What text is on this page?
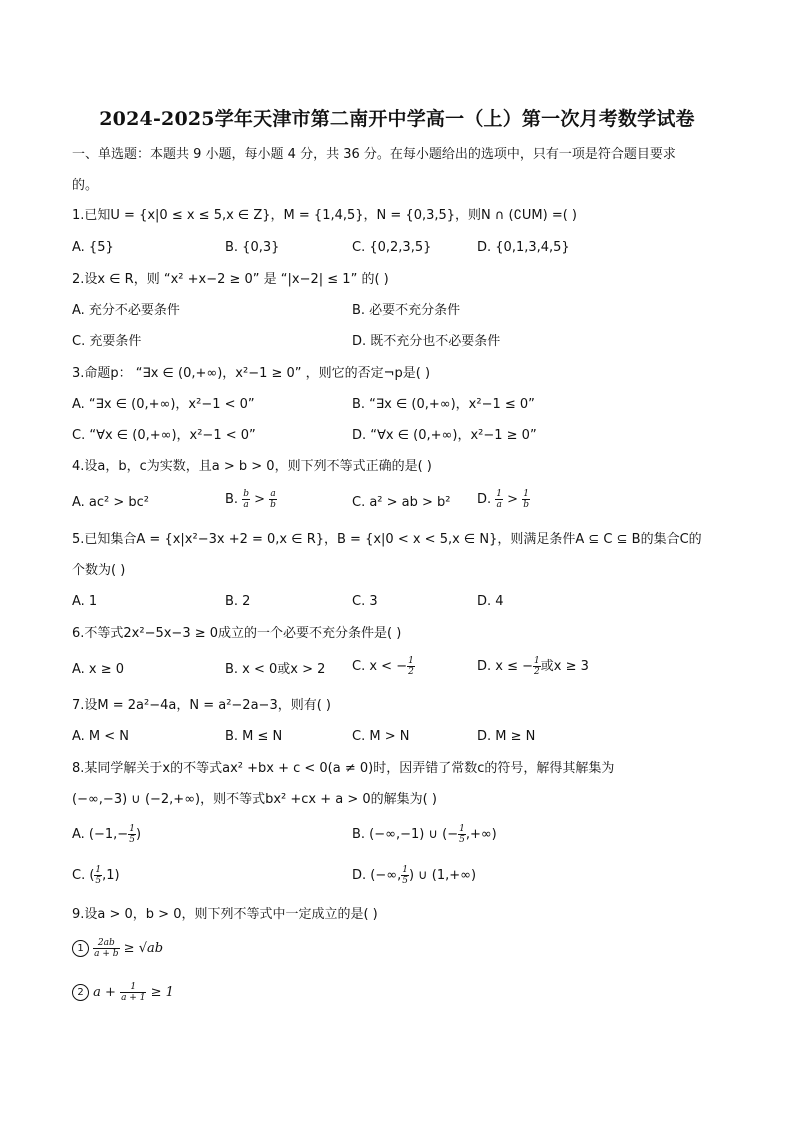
2024-2025学年天津市第二南开中学高一（上）第一次月考数学试卷
一、单选题：本题共 9 小题，每小题 4 分，共 36 分。在每小题给出的选项中，只有一项是符合题目要求
的。
1.已知U = {x|0 ≤ x ≤ 5,x ∈ Z}，M = {1,4,5}，N = {0,3,5}，则N ∩ (∁UM) =( )
A. {5}	B. {0,3}	C. {0,2,3,5}	D. {0,1,3,4,5}
2.设x ∈ R，则 “x² +x−2 ≥ 0” 是 “|x−2| ≤ 1” 的( )
A. 充分不必要条件	B. 必要不充分条件
C. 充要条件	D. 既不充分也不必要条件
3.命题p： “∃x ∈ (0,+∞)，x²−1 ≥ 0” ，则它的否定¬p是( )
A. “∃x ∈ (0,+∞)，x²−1 < 0”	B. “∃x ∈ (0,+∞)，x²−1 ≤ 0”
C. “∀x ∈ (0,+∞)，x²−1 < 0”	D. “∀x ∈ (0,+∞)，x²−1 ≥ 0”
4.设a，b，c为实数，且a > b > 0，则下列不等式正确的是( )
A. ac² > bc²	B. $\frac{b}{a} > \frac{a}{b}$	C. a² > ab > b² D. $\frac{1}{a} > \frac{1}{b}$
5.已知集合A = {x|x²−3x +2 = 0,x ∈ R}，B = {x|0 < x < 5,x ∈ N}，则满足条件A ⊆ C ⊆ B的集合C的
个数为( )
A. 1	B. 2	C. 3	D. 4
6.不等式2x²−5x−3 ≥ 0成立的一个必要不充分条件是( )
A. x ≥ 0	B. x < 0或x > 2 C. x < − $\frac{1}{2}$	D. x ≤ − $\frac{1}{2}$ 或x ≥ 3
7.设M = 2a²−4a，N = a²−2a−3，则有( )
A. M < N	B. M ≤ N	C. M > N	D. M ≥ N
8.某同学解关于x的不等式ax² +bx + c < 0(a ≠ 0)时，因弄错了常数c的符号，解得其解集为
(−∞,−3) ∪ (−2,+∞)，则不等式bx² +cx + a > 0的解集为( )
A. ($-1,- \frac{1}{5}$ )	B. (−∞,−1) ∪ (− $\frac{1}{5}$ ,+∞)
C. ( $\frac{1}{5} ,1$)	D. (−∞, $\frac{1}{5}$ ) ∪ (1,+∞)
9.设a > 0，b > 0，则下列不等式中一定成立的是( )
$1 \frac{2ab}{a + b} \ge √ab$
2 $a + \frac{1}{a + 1} \ge 1$
